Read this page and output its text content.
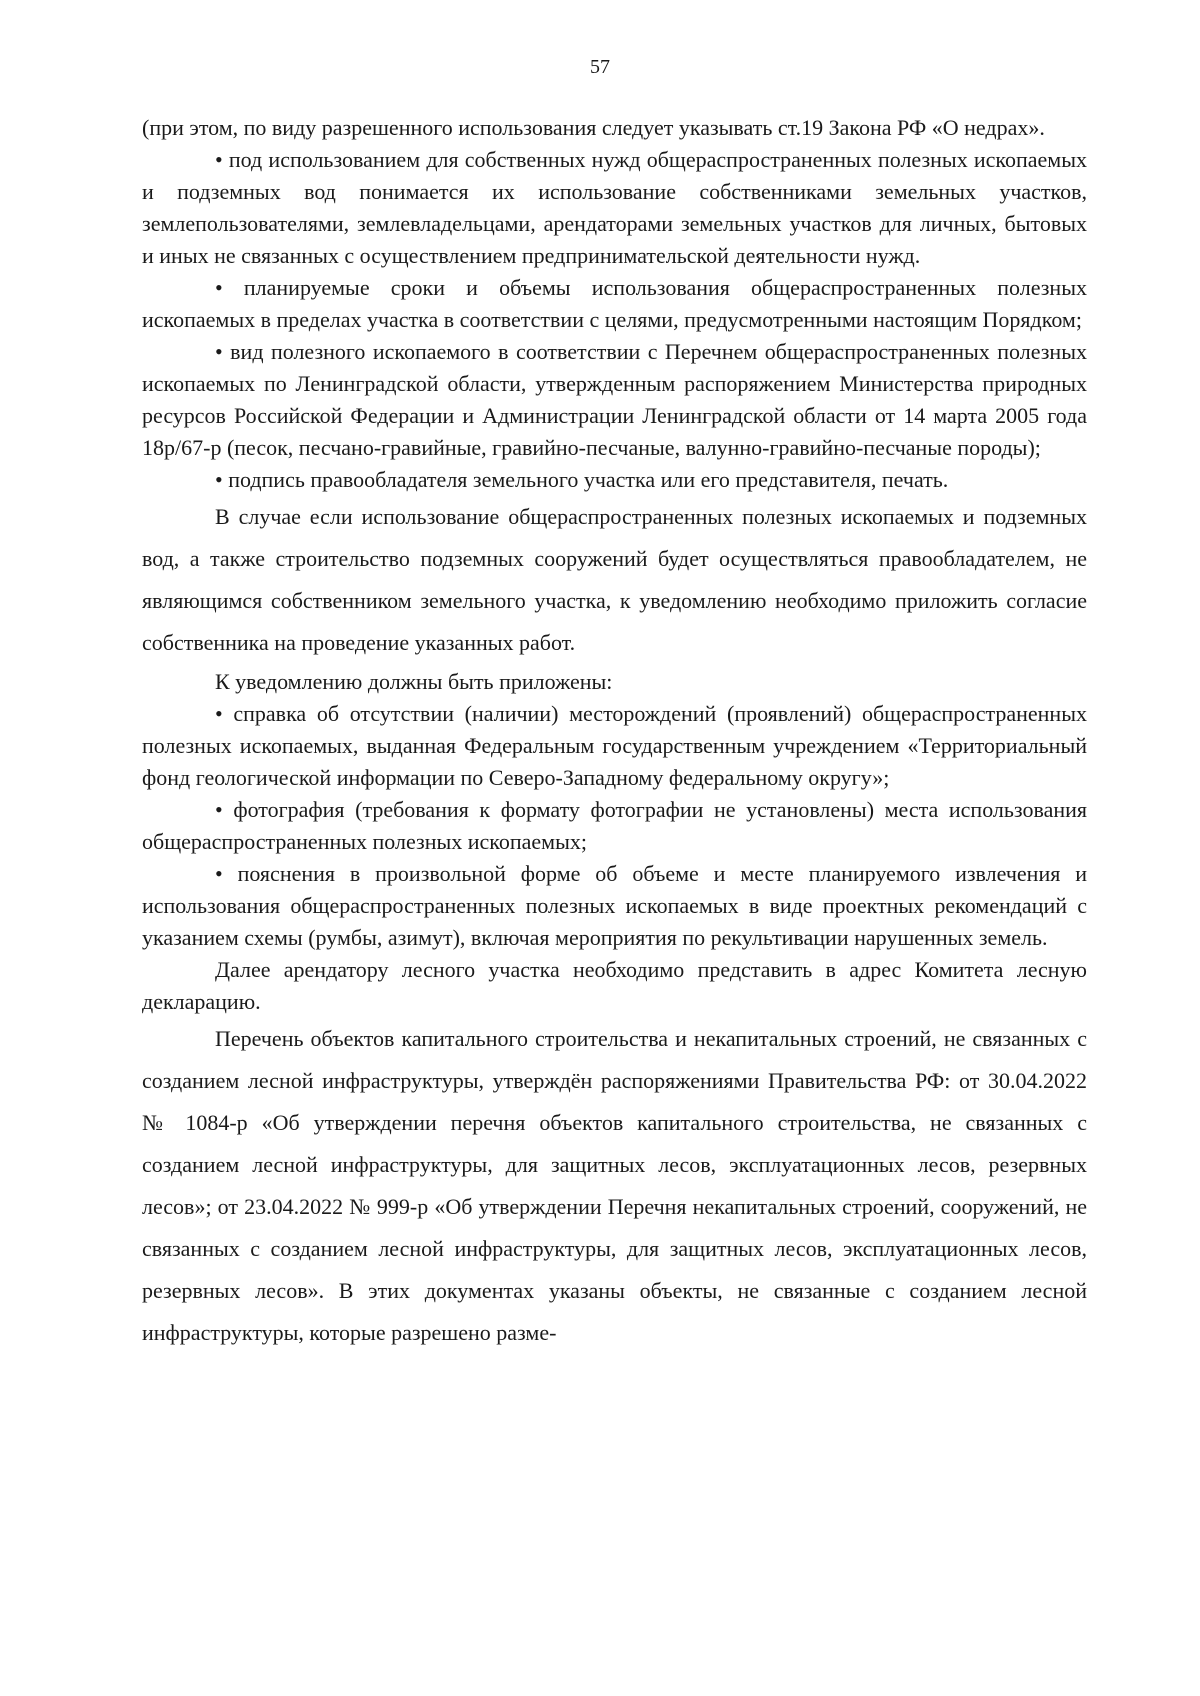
57

(при этом, по виду разрешенного использования следует указывать ст.19 Закона РФ «О недрах».

• под использованием для собственных нужд общераспространенных полезных ископаемых и подземных вод понимается их использование собственниками земельных участков, землепользователями, землевладельцами, арендаторами земельных участков для личных, бытовых и иных не связанных с осуществлением предпринимательской деятельности нужд.

• планируемые сроки и объемы использования общераспространенных полезных ископаемых в пределах участка в соответствии с целями, предусмотренными настоящим Порядком;

• вид полезного ископаемого в соответствии с Перечнем общераспространенных полезных ископаемых по Ленинградской области, утвержденным распоряжением Министерства природных ресурсов Российской Федерации и Администрации Ленинградской области от 14 марта 2005 года 18р/67-р (песок, песчано-гравийные, гравийно-песчаные, валунно-гравийно-песчаные породы);

• подпись правообладателя земельного участка или его представителя, печать.

В случае если использование общераспространенных полезных ископаемых и подземных вод, а также строительство подземных сооружений будет осуществляться правообладателем, не являющимся собственником земельного участка, к уведомлению необходимо приложить согласие собственника на проведение указанных работ.

К уведомлению должны быть приложены:

• справка об отсутствии (наличии) месторождений (проявлений) общераспространенных полезных ископаемых, выданная Федеральным государственным учреждением «Территориальный фонд геологической информации по Северо-Западному федеральному округу»;

• фотография (требования к формату фотографии не установлены) места использования общераспространенных полезных ископаемых;

• пояснения в произвольной форме об объеме и месте планируемого извлечения и использования общераспространенных полезных ископаемых в виде проектных рекомендаций с указанием схемы (румбы, азимут), включая мероприятия по рекультивации нарушенных земель.

Далее арендатору лесного участка необходимо представить в адрес Комитета лесную декларацию.

Перечень объектов капитального строительства и некапитальных строений, не связанных с созданием лесной инфраструктуры, утверждён распоряжениями Правительства РФ: от 30.04.2022 № 1084-р «Об утверждении перечня объектов капитального строительства, не связанных с созданием лесной инфраструктуры, для защитных лесов, эксплуатационных лесов, резервных лесов»; от 23.04.2022 № 999-р «Об утверждении Перечня некапитальных строений, сооружений, не связанных с созданием лесной инфраструктуры, для защитных лесов, эксплуатационных лесов, резервных лесов». В этих документах указаны объекты, не связанные с созданием лесной инфраструктуры, которые разрешено разме-
